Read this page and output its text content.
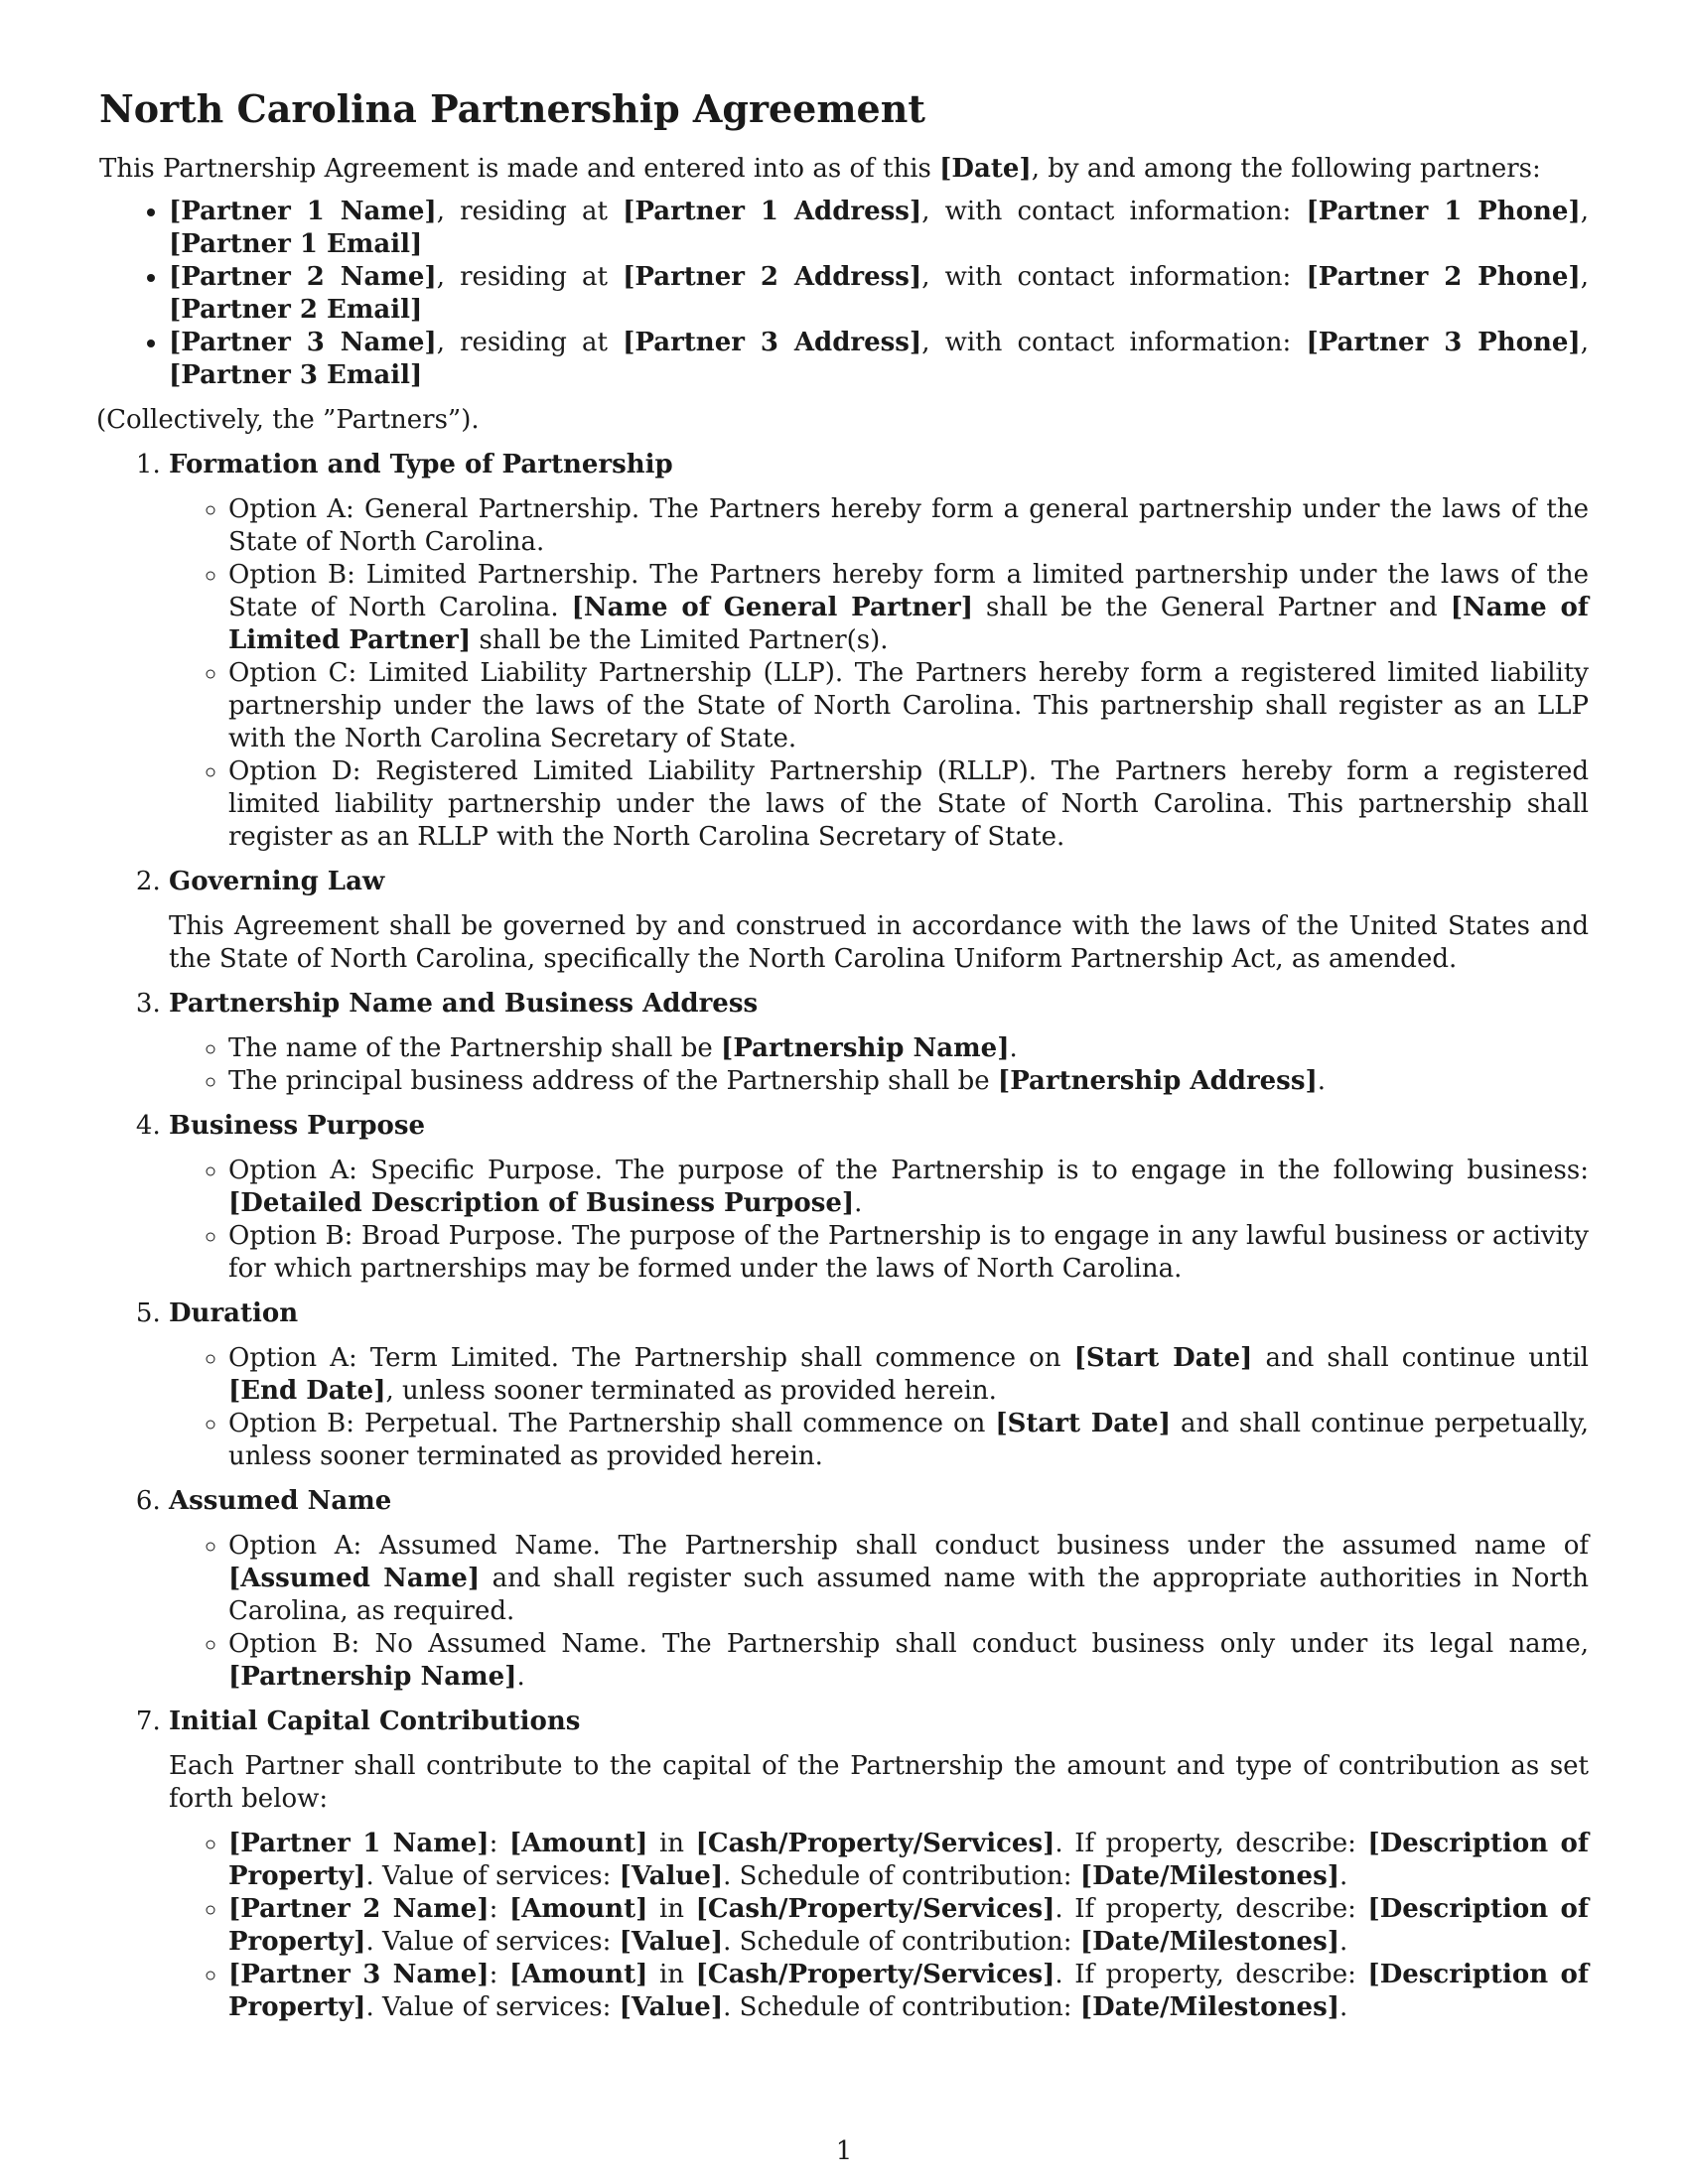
North Carolina Partnership Agreement

This Partnership Agreement is made and entered into as of this [Date], by and among the following partners:

• [Partner 1 Name], residing at [Partner 1 Address], with contact information: [Partner 1 Phone], [Partner 1 Email]
• [Partner 2 Name], residing at [Partner 2 Address], with contact information: [Partner 2 Phone], [Partner 2 Email]
• [Partner 3 Name], residing at [Partner 3 Address], with contact information: [Partner 3 Phone], [Partner 3 Email]

(Collectively, the ”Partners”).

1. Formation and Type of Partnership
◦ Option A: General Partnership. The Partners hereby form a general partnership under the laws of the State of North Carolina.
◦ Option B: Limited Partnership. The Partners hereby form a limited partnership under the laws of the State of North Carolina. [Name of General Partner] shall be the General Partner and [Name of Limited Partner] shall be the Limited Partner(s).
◦ Option C: Limited Liability Partnership (LLP). The Partners hereby form a registered limited liability partnership under the laws of the State of North Carolina. This partnership shall register as an LLP with the North Carolina Secretary of State.
◦ Option D: Registered Limited Liability Partnership (RLLP). The Partners hereby form a registered limited liability partnership under the laws of the State of North Carolina. This partnership shall register as an RLLP with the North Carolina Secretary of State.
2. Governing Law

This Agreement shall be governed by and construed in accordance with the laws of the United States and the State of North Carolina, specifically the North Carolina Uniform Partnership Act, as amended.

3. Partnership Name and Business Address
◦ The name of the Partnership shall be [Partnership Name].
◦ The principal business address of the Partnership shall be [Partnership Address].
4. Business Purpose
◦ Option A: Specific Purpose. The purpose of the Partnership is to engage in the following business: [Detailed Description of Business Purpose].
◦ Option B: Broad Purpose. The purpose of the Partnership is to engage in any lawful business or activity for which partnerships may be formed under the laws of North Carolina.
5. Duration
◦ Option A: Term Limited. The Partnership shall commence on [Start Date] and shall continue until [End Date], unless sooner terminated as provided herein.
◦ Option B: Perpetual. The Partnership shall commence on [Start Date] and shall continue perpetually, unless sooner terminated as provided herein.
6. Assumed Name
◦ Option A: Assumed Name. The Partnership shall conduct business under the assumed name of [Assumed Name] and shall register such assumed name with the appropriate authorities in North Carolina, as required.
◦ Option B: No Assumed Name. The Partnership shall conduct business only under its legal name, [Partnership Name].
7. Initial Capital Contributions

Each Partner shall contribute to the capital of the Partnership the amount and type of contribution as set forth below:

◦ [Partner 1 Name]: [Amount] in [Cash/Property/Services]. If property, describe: [Description of Property]. Value of services: [Value]. Schedule of contribution: [Date/Milestones].
◦ [Partner 2 Name]: [Amount] in [Cash/Property/Services]. If property, describe: [Description of Property]. Value of services: [Value]. Schedule of contribution: [Date/Milestones].
◦ [Partner 3 Name]: [Amount] in [Cash/Property/Services]. If property, describe: [Description of Property]. Value of services: [Value]. Schedule of contribution: [Date/Milestones].
1
